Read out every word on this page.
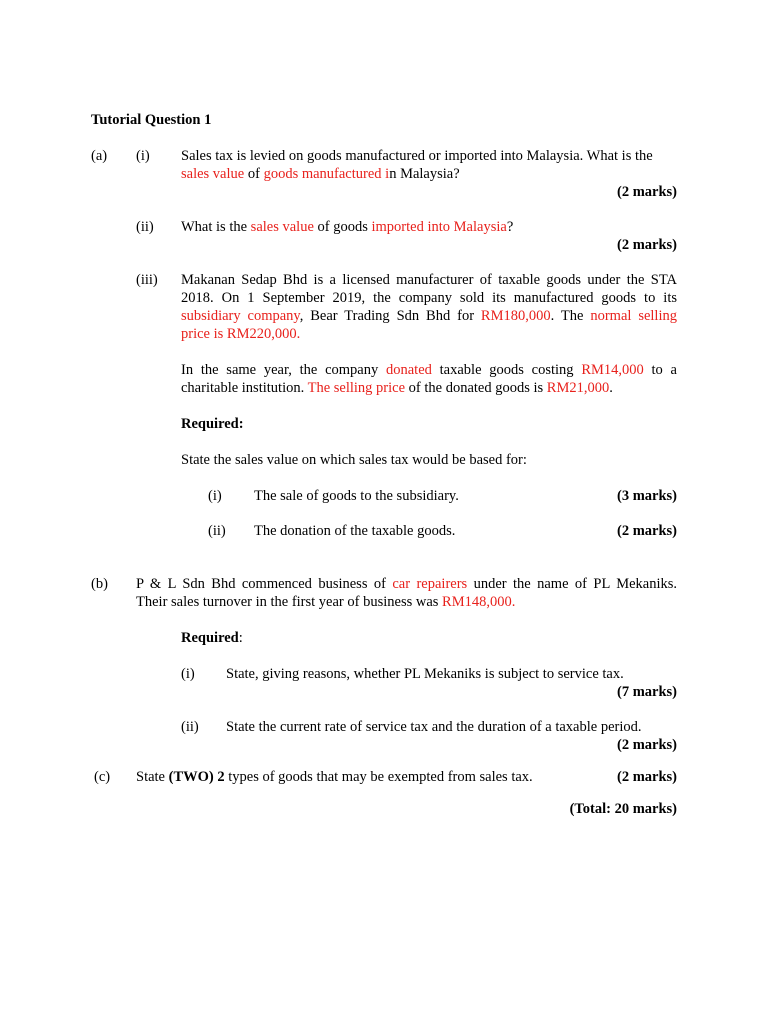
Tutorial Question 1
(a) (i) Sales tax is levied on goods manufactured or imported into Malaysia. What is the
sales value of goods manufactured in Malaysia?
(2 marks)
(ii) What is the sales value of goods imported into Malaysia?
(2 marks)
(iii) Makanan Sedap Bhd is a licensed manufacturer of taxable goods under the STA
2018. On 1 September 2019, the company sold its manufactured goods to its
subsidiary company, Bear Trading Sdn Bhd for RM180,000. The normal selling
price is RM220,000.
In the same year, the company donated taxable goods costing RM14,000 to a
charitable institution. The selling price of the donated goods is RM21,000.
Required:
State the sales value on which sales tax would be based for:
(i) The sale of goods to the subsidiary.	(3 marks)
(ii) The donation of the taxable goods.	(2 marks)
(b) P & L Sdn Bhd commenced business of car repairers under the name of PL Mekaniks.
Their sales turnover in the first year of business was RM148,000.
Required:
(i) State, giving reasons, whether PL Mekaniks is subject to service tax.
(7 marks)
(ii) State the current rate of service tax and the duration of a taxable period.
(2 marks)
(c) State (TWO) 2 types of goods that may be exempted from sales tax.	(2 marks)
(Total: 20 marks)
